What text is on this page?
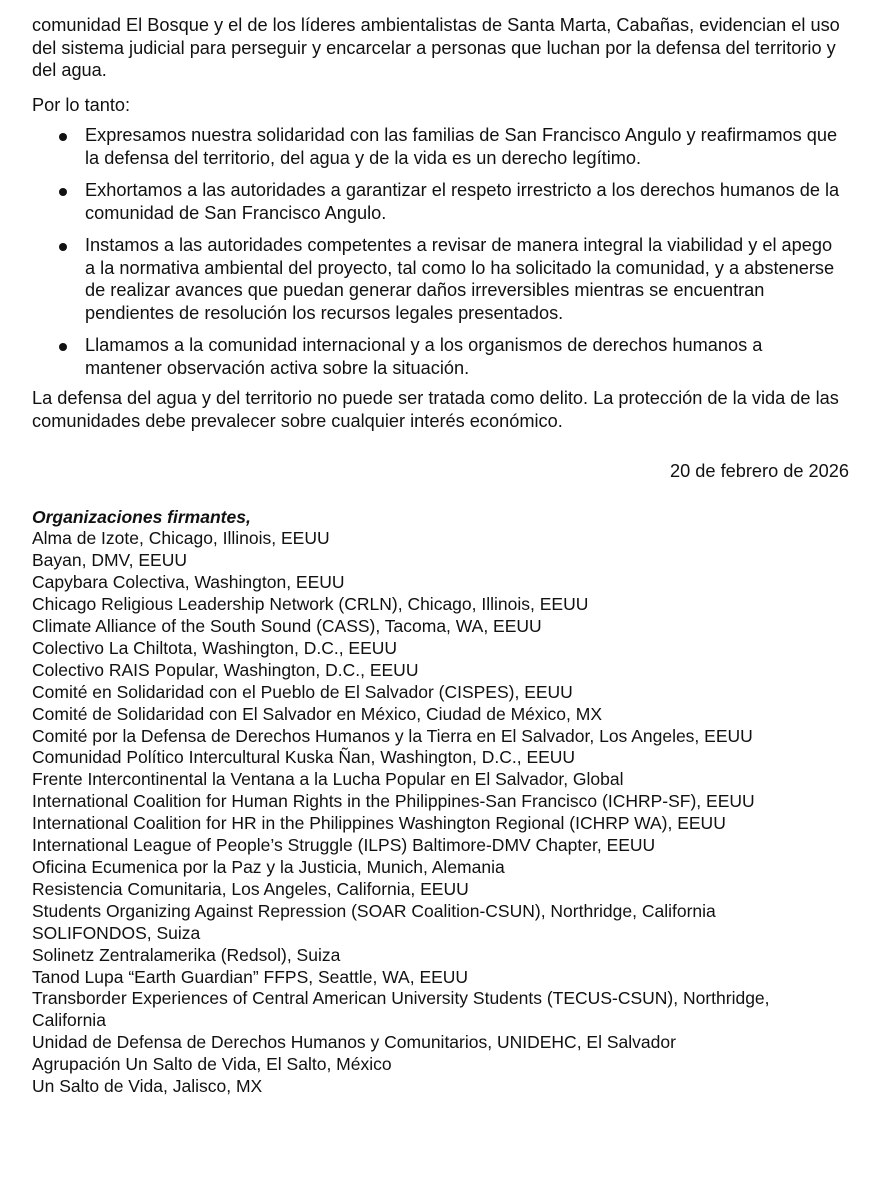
comunidad El Bosque y el de los líderes ambientalistas de Santa Marta, Cabañas, evidencian el uso del sistema judicial para perseguir y encarcelar a personas que luchan por la defensa del territorio y del agua.

Por lo tanto:

Expresamos nuestra solidaridad con las familias de San Francisco Angulo y reafirmamos que la defensa del territorio, del agua y de la vida es un derecho legítimo.
Exhortamos a las autoridades a garantizar el respeto irrestricto a los derechos humanos de la comunidad de San Francisco Angulo.
Instamos a las autoridades competentes a revisar de manera integral la viabilidad y el apego a la normativa ambiental del proyecto, tal como lo ha solicitado la comunidad, y a abstenerse de realizar avances que puedan generar daños irreversibles mientras se encuentran pendientes de resolución los recursos legales presentados.
Llamamos a la comunidad internacional y a los organismos de derechos humanos a mantener observación activa sobre la situación.

La defensa del agua y del territorio no puede ser tratada como delito. La protección de la vida de las comunidades debe prevalecer sobre cualquier interés económico.

20 de febrero de 2026
Organizaciones firmantes,
Alma de Izote, Chicago, Illinois, EEUU
Bayan, DMV, EEUU
Capybara Colectiva, Washington, EEUU
Chicago Religious Leadership Network (CRLN), Chicago, Illinois, EEUU
Climate Alliance of the South Sound (CASS), Tacoma, WA, EEUU
Colectivo La Chiltota, Washington, D.C., EEUU
Colectivo RAIS Popular, Washington, D.C., EEUU
Comité en Solidaridad con el Pueblo de El Salvador (CISPES), EEUU
Comité de Solidaridad con El Salvador en México, Ciudad de México, MX
Comité por la Defensa de Derechos Humanos y la Tierra en El Salvador, Los Angeles, EEUU
Comunidad Político Intercultural Kuska Ñan, Washington, D.C., EEUU
Frente Intercontinental la Ventana a la Lucha Popular en El Salvador, Global
International Coalition for Human Rights in the Philippines-San Francisco (ICHRP-SF), EEUU
International Coalition for HR in the Philippines Washington Regional (ICHRP WA), EEUU
International League of People’s Struggle (ILPS) Baltimore-DMV Chapter, EEUU
Oficina Ecumenica por la Paz y la Justicia, Munich, Alemania
Resistencia Comunitaria, Los Angeles, California, EEUU
Students Organizing Against Repression (SOAR Coalition-CSUN), Northridge, California
SOLIFONDOS, Suiza
Solinetz Zentralamerika (Redsol), Suiza
Tanod Lupa “Earth Guardian” FFPS, Seattle, WA, EEUU
Transborder Experiences of Central American University Students (TECUS-CSUN), Northridge, California
Unidad de Defensa de Derechos Humanos y Comunitarios, UNIDEHC, El Salvador
Agrupación Un Salto de Vida, El Salto, México
Un Salto de Vida, Jalisco, MX
